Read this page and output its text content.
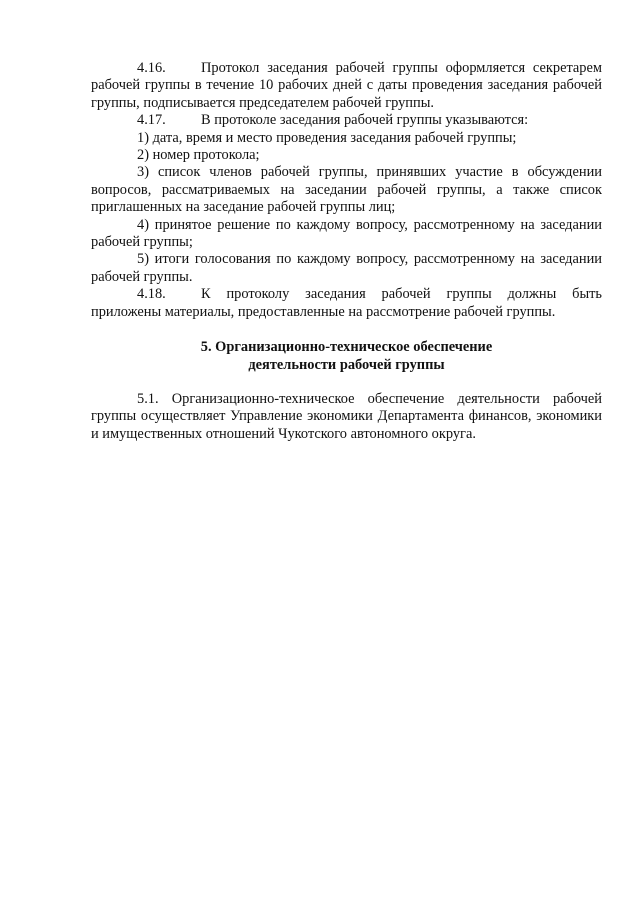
4.16. Протокол заседания рабочей группы оформляется секретарем рабочей группы в течение 10 рабочих дней с даты проведения заседания рабочей группы, подписывается председателем рабочей группы.

4.17. В протоколе заседания рабочей группы указываются:

1) дата, время и место проведения заседания рабочей группы;

2) номер протокола;

3) список членов рабочей группы, принявших участие в обсуждении вопросов, рассматриваемых на заседании рабочей группы, а также список приглашенных на заседание рабочей группы лиц;

4) принятое решение по каждому вопросу, рассмотренному на заседании рабочей группы;

5) итоги голосования по каждому вопросу, рассмотренному на заседании рабочей группы.

4.18. К протоколу заседания рабочей группы должны быть приложены материалы, предоставленные на рассмотрение рабочей группы.

5. Организационно-техническое обеспечение
деятельности рабочей группы

5.1. Организационно-техническое обеспечение деятельности рабочей группы осуществляет Управление экономики Департамента финансов, экономики и имущественных отношений Чукотского автономного округа.
